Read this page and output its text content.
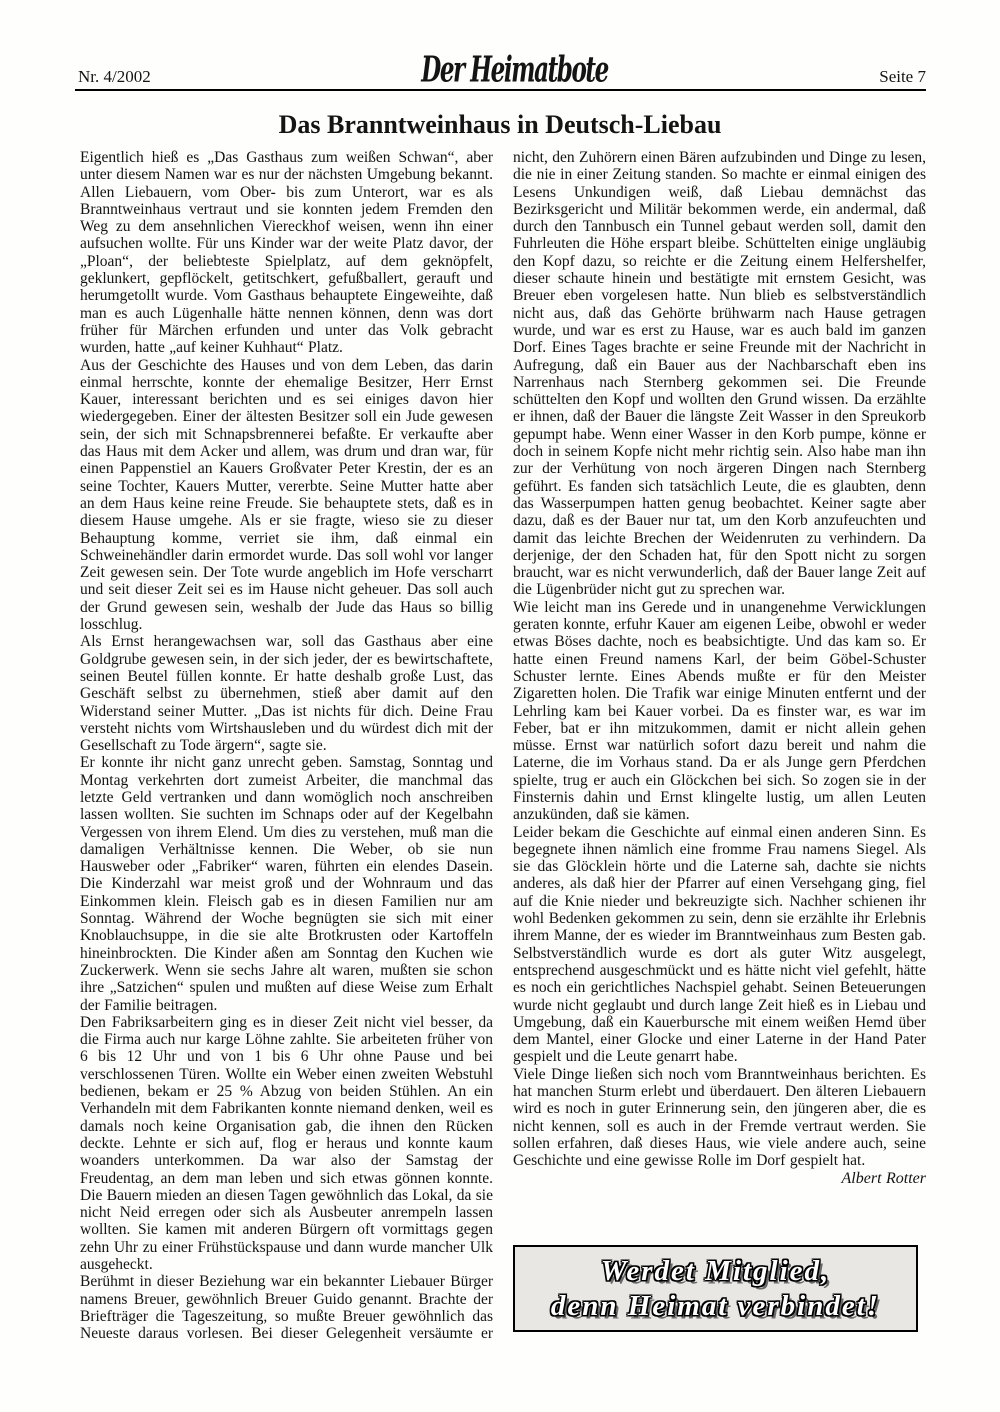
Nr. 4/2002	Der Heimatbote	Seite 7
Das Branntweinhaus in Deutsch-Liebau

Eigentlich hieß es „Das Gasthaus zum weißen Schwan“, aber unter diesem Namen war es nur der nächsten Umgebung bekannt. Allen Liebauern, vom Ober- bis zum Unterort, war es als Branntweinhaus vertraut und sie konnten jedem Fremden den Weg zu dem ansehnlichen Viereckhof weisen, wenn ihn einer aufsuchen wollte. Für uns Kinder war der weite Platz davor, der „Ploan“, der beliebteste Spielplatz, auf dem geknöpfelt, geklunkert, gepflöckelt, getitschkert, gefußballert, gerauft und herumgetollt wurde. Vom Gasthaus behauptete Eingeweihte, daß man es auch Lügenhalle hätte nennen können, denn was dort früher für Märchen erfunden und unter das Volk gebracht wurden, hatte „auf keiner Kuhhaut“ Platz.

Aus der Geschichte des Hauses und von dem Leben, das darin einmal herrschte, konnte der ehemalige Besitzer, Herr Ernst Kauer, interessant berichten und es sei einiges davon hier wiedergegeben. Einer der ältesten Besitzer soll ein Jude gewesen sein, der sich mit Schnapsbrennerei befaßte. Er verkaufte aber das Haus mit dem Acker und allem, was drum und dran war, für einen Pappenstiel an Kauers Großvater Peter Krestin, der es an seine Tochter, Kauers Mutter, vererbte. Seine Mutter hatte aber an dem Haus keine reine Freude. Sie behauptete stets, daß es in diesem Hause umgehe. Als er sie fragte, wieso sie zu dieser Behauptung komme, verriet sie ihm, daß einmal ein Schweinehändler darin ermordet wurde. Das soll wohl vor langer Zeit gewesen sein. Der Tote wurde angeblich im Hofe verscharrt und seit dieser Zeit sei es im Hause nicht geheuer. Das soll auch der Grund gewesen sein, weshalb der Jude das Haus so billig losschlug.

Als Ernst herangewachsen war, soll das Gasthaus aber eine Goldgrube gewesen sein, in der sich jeder, der es bewirtschaftete, seinen Beutel füllen konnte. Er hatte deshalb große Lust, das Geschäft selbst zu übernehmen, stieß aber damit auf den Widerstand seiner Mutter. „Das ist nichts für dich. Deine Frau versteht nichts vom Wirtshausleben und du würdest dich mit der Gesellschaft zu Tode ärgern“, sagte sie.

Er konnte ihr nicht ganz unrecht geben. Samstag, Sonntag und Montag verkehrten dort zumeist Arbeiter, die manchmal das letzte Geld vertranken und dann womöglich noch anschreiben lassen wollten. Sie suchten im Schnaps oder auf der Kegelbahn Vergessen von ihrem Elend. Um dies zu verstehen, muß man die damaligen Verhältnisse kennen. Die Weber, ob sie nun Hausweber oder „Fabriker“ waren, führten ein elendes Dasein. Die Kinderzahl war meist groß und der Wohnraum und das Einkommen klein. Fleisch gab es in diesen Familien nur am Sonntag. Während der Woche begnügten sie sich mit einer Knoblauchsuppe, in die sie alte Brotkrusten oder Kartoffeln hineinbrockten. Die Kinder aßen am Sonntag den Kuchen wie Zuckerwerk. Wenn sie sechs Jahre alt waren, mußten sie schon ihre „Satzichen“ spulen und mußten auf diese Weise zum Erhalt der Familie beitragen.

Den Fabriksarbeitern ging es in dieser Zeit nicht viel besser, da die Firma auch nur karge Löhne zahlte. Sie arbeiteten früher von 6 bis 12 Uhr und von 1 bis 6 Uhr ohne Pause und bei verschlossenen Türen. Wollte ein Weber einen zweiten Webstuhl bedienen, bekam er 25 % Abzug von beiden Stühlen. An ein Verhandeln mit dem Fabrikanten konnte niemand denken, weil es damals noch keine Organisation gab, die ihnen den Rücken deckte. Lehnte er sich auf, flog er heraus und konnte kaum woanders unterkommen. Da war also der Samstag der Freudentag, an dem man leben und sich etwas gönnen konnte. Die Bauern mieden an diesen Tagen gewöhnlich das Lokal, da sie nicht Neid erregen oder sich als Ausbeuter anrempeln lassen wollten. Sie kamen mit anderen Bürgern oft vormittags gegen zehn Uhr zu einer Frühstückspause und dann wurde mancher Ulk ausgeheckt.

Berühmt in dieser Beziehung war ein bekannter Liebauer Bürger namens Breuer, gewöhnlich Breuer Guido genannt. Brachte der Briefträger die Tageszeitung, so mußte Breuer gewöhnlich das Neueste daraus vorlesen. Bei dieser Gelegenheit versäumte er

nicht, den Zuhörern einen Bären aufzubinden und Dinge zu lesen, die nie in einer Zeitung standen. So machte er einmal einigen des Lesens Unkundigen weiß, daß Liebau demnächst das Bezirksgericht und Militär bekommen werde, ein andermal, daß durch den Tannbusch ein Tunnel gebaut werden soll, damit den Fuhrleuten die Höhe erspart bleibe. Schüttelten einige ungläubig den Kopf dazu, so reichte er die Zeitung einem Helfershelfer, dieser schaute hinein und bestätigte mit ernstem Gesicht, was Breuer eben vorgelesen hatte. Nun blieb es selbstverständlich nicht aus, daß das Gehörte brühwarm nach Hause getragen wurde, und war es erst zu Hause, war es auch bald im ganzen Dorf. Eines Tages brachte er seine Freunde mit der Nachricht in Aufregung, daß ein Bauer aus der Nachbarschaft eben ins Narrenhaus nach Sternberg gekommen sei. Die Freunde schüttelten den Kopf und wollten den Grund wissen. Da erzählte er ihnen, daß der Bauer die längste Zeit Wasser in den Spreukorb gepumpt habe. Wenn einer Wasser in den Korb pumpe, könne er doch in seinem Kopfe nicht mehr richtig sein. Also habe man ihn zur der Verhütung von noch ärgeren Dingen nach Sternberg geführt. Es fanden sich tatsächlich Leute, die es glaubten, denn das Wasserpumpen hatten genug beobachtet. Keiner sagte aber dazu, daß es der Bauer nur tat, um den Korb anzufeuchten und damit das leichte Brechen der Weidenruten zu verhindern. Da derjenige, der den Schaden hat, für den Spott nicht zu sorgen braucht, war es nicht verwunderlich, daß der Bauer lange Zeit auf die Lügenbrüder nicht gut zu sprechen war.

Wie leicht man ins Gerede und in unangenehme Verwicklungen geraten konnte, erfuhr Kauer am eigenen Leibe, obwohl er weder etwas Böses dachte, noch es beabsichtigte. Und das kam so. Er hatte einen Freund namens Karl, der beim Göbel-Schuster Schuster lernte. Eines Abends mußte er für den Meister Zigaretten holen. Die Trafik war einige Minuten entfernt und der Lehrling kam bei Kauer vorbei. Da es finster war, es war im Feber, bat er ihn mitzukommen, damit er nicht allein gehen müsse. Ernst war natürlich sofort dazu bereit und nahm die Laterne, die im Vorhaus stand. Da er als Junge gern Pferdchen spielte, trug er auch ein Glöckchen bei sich. So zogen sie in der Finsternis dahin und Ernst klingelte lustig, um allen Leuten anzukünden, daß sie kämen.

Leider bekam die Geschichte auf einmal einen anderen Sinn. Es begegnete ihnen nämlich eine fromme Frau namens Siegel. Als sie das Glöcklein hörte und die Laterne sah, dachte sie nichts anderes, als daß hier der Pfarrer auf einen Versehgang ging, fiel auf die Knie nieder und bekreuzigte sich. Nachher schienen ihr wohl Bedenken gekommen zu sein, denn sie erzählte ihr Erlebnis ihrem Manne, der es wieder im Branntweinhaus zum Besten gab. Selbstverständlich wurde es dort als guter Witz ausgelegt, entsprechend ausgeschmückt und es hätte nicht viel gefehlt, hätte es noch ein gerichtliches Nachspiel gehabt. Seinen Beteuerungen wurde nicht geglaubt und durch lange Zeit hieß es in Liebau und Umgebung, daß ein Kauerbursche mit einem weißen Hemd über dem Mantel, einer Glocke und einer Laterne in der Hand Pater gespielt und die Leute genarrt habe.

Viele Dinge ließen sich noch vom Branntweinhaus berichten. Es hat manchen Sturm erlebt und überdauert. Den älteren Liebauern wird es noch in guter Erinnerung sein, den jüngeren aber, die es nicht kennen, soll es auch in der Fremde vertraut werden. Sie sollen erfahren, daß dieses Haus, wie viele andere auch, seine Geschichte und eine gewisse Rolle im Dorf gespielt hat.

Albert Rotter

Werdet Mitglied,
denn Heimat verbindet!
